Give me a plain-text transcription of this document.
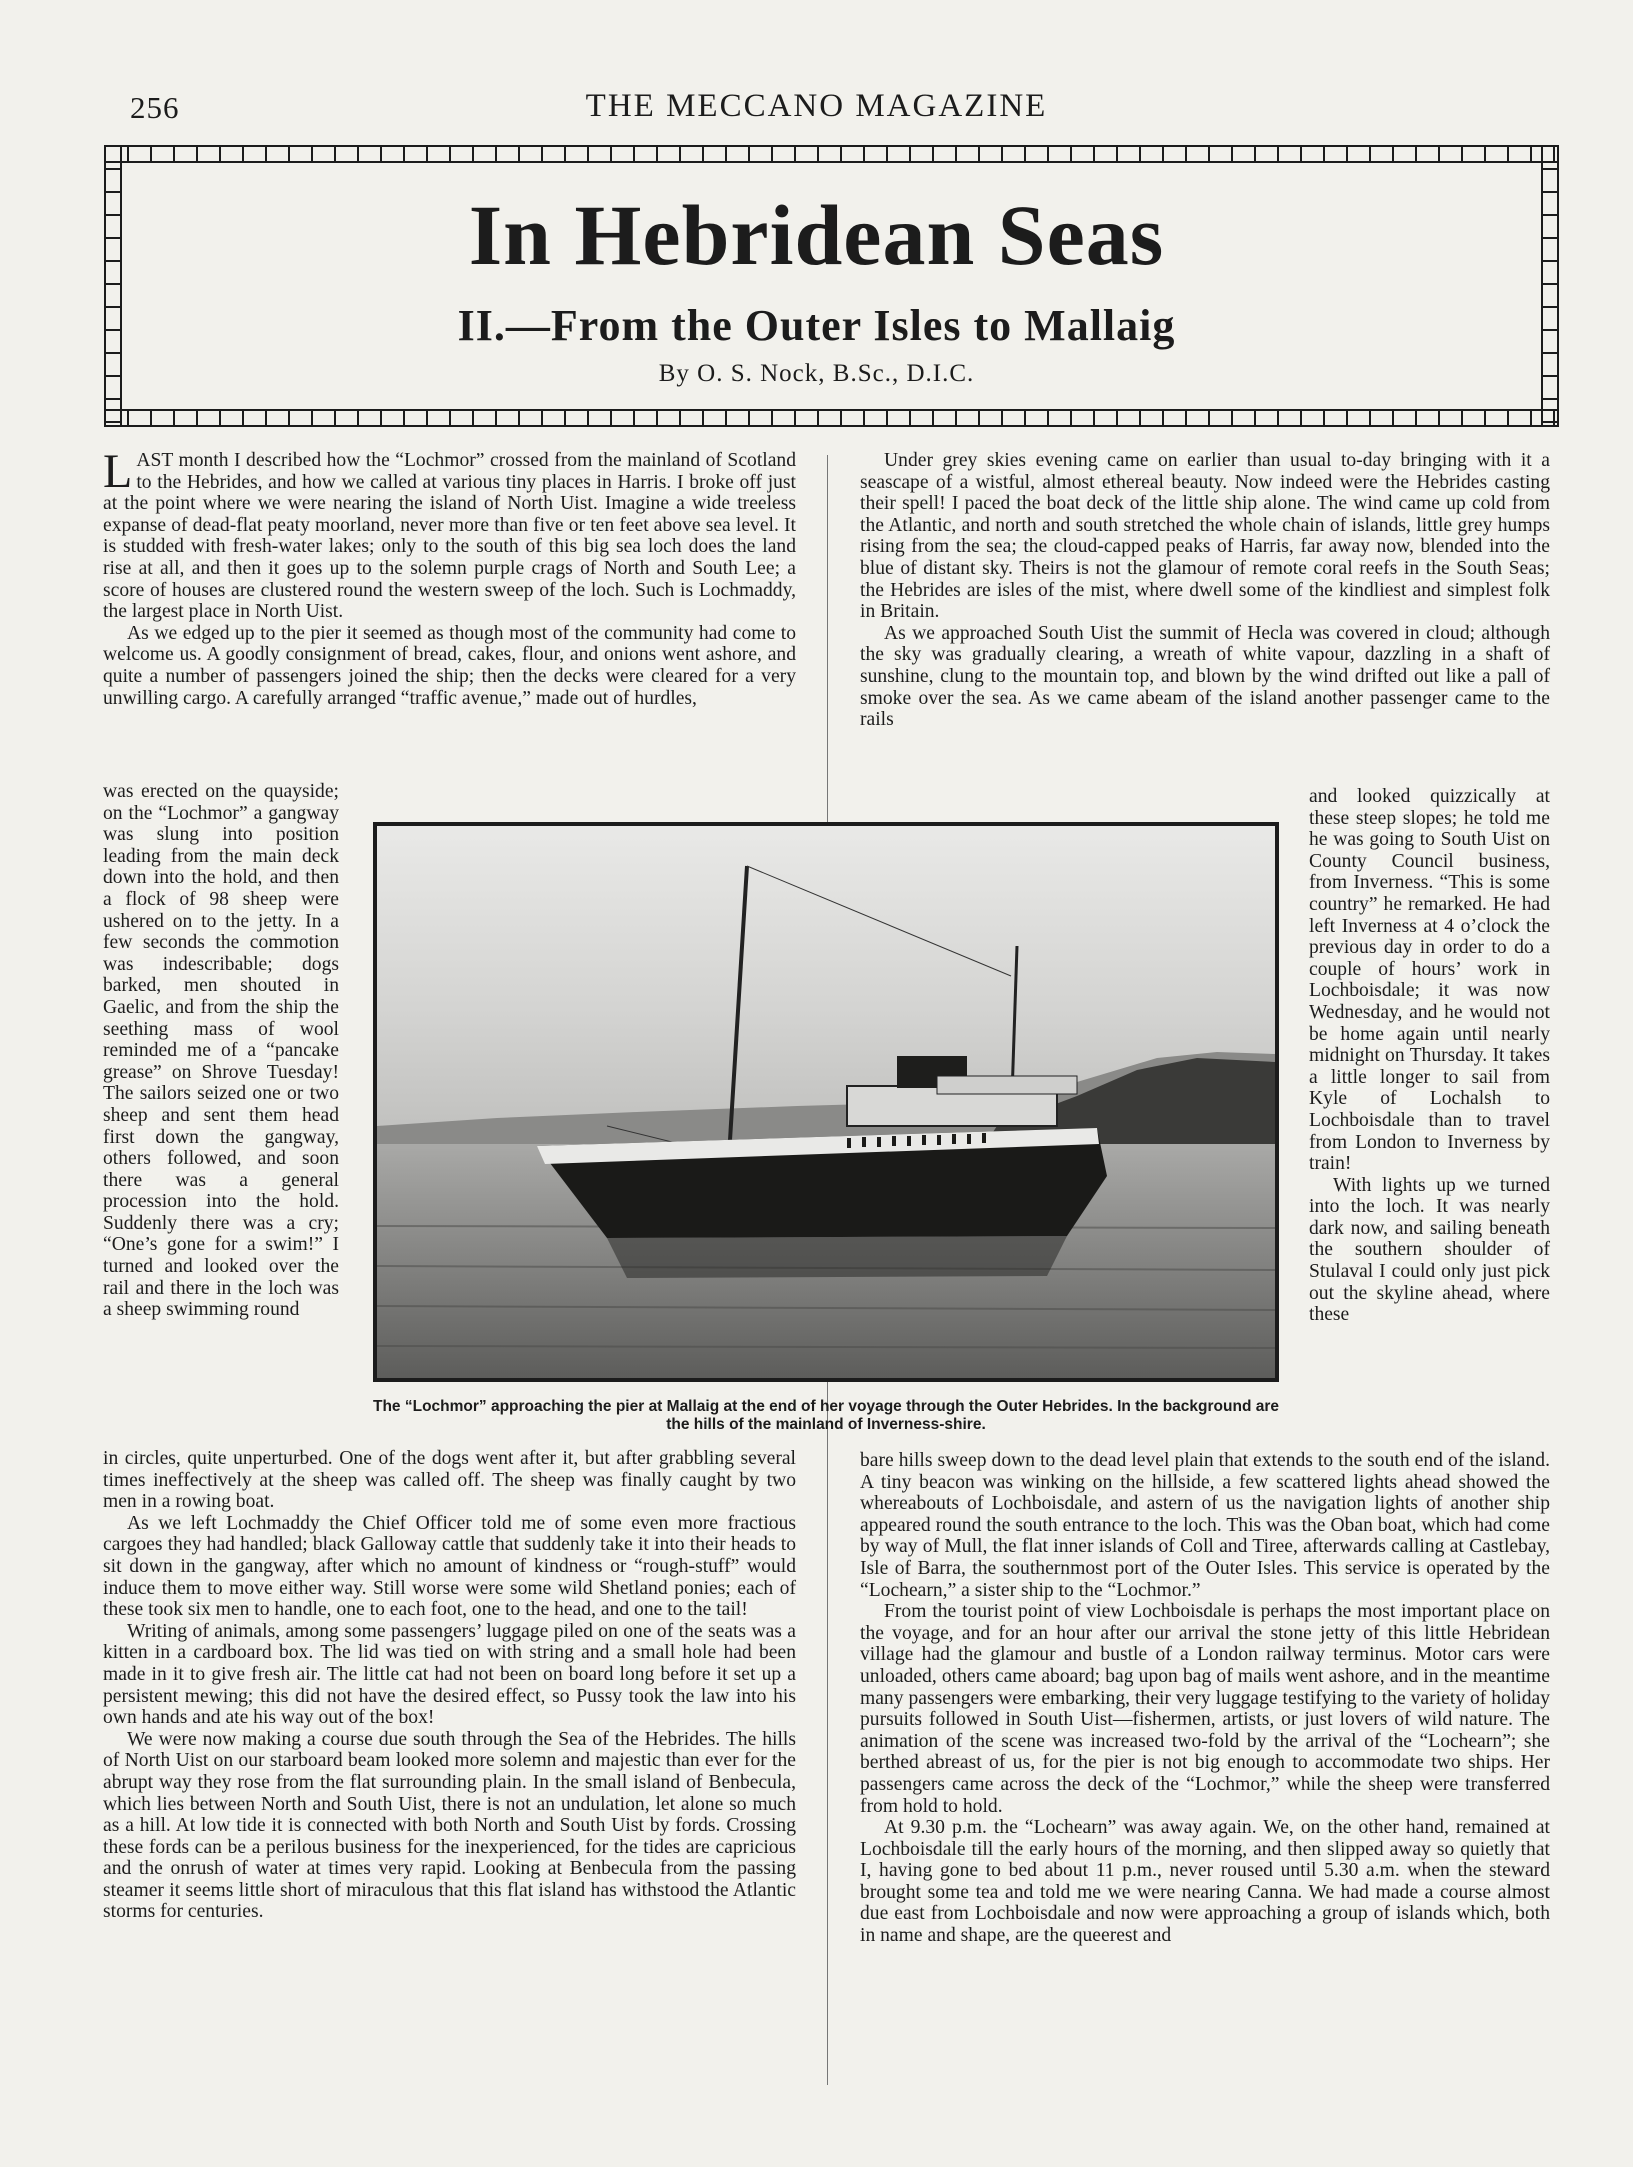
256	THE MECCANO MAGAZINE
In Hebridean Seas
II.—From the Outer Isles to Mallaig
By O. S. Nock, B.Sc., D.I.C.

LAST month I described how the “Lochmor” crossed from the mainland of Scotland to the Hebrides, and how we called at various tiny places in Harris. I broke off just at the point where we were nearing the island of North Uist. Imagine a wide treeless expanse of dead-flat peaty moorland, never more than five or ten feet above sea level. It is studded with fresh-water lakes; only to the south of this big sea loch does the land rise at all, and then it goes up to the solemn purple crags of North and South Lee; a score of houses are clustered round the western sweep of the loch. Such is Lochmaddy, the largest place in North Uist.

As we edged up to the pier it seemed as though most of the community had come to welcome us. A goodly consignment of bread, cakes, flour, and onions went ashore, and quite a number of passengers joined the ship; then the decks were cleared for a very unwilling cargo. A carefully arranged “traffic avenue,” made out of hurdles,

was erected on the quayside; on the “Lochmor” a gangway was slung into position leading from the main deck down into the hold, and then a flock of 98 sheep were ushered on to the jetty. In a few seconds the commotion was indescribable; dogs barked, men shouted in Gaelic, and from the ship the seething mass of wool reminded me of a “pancake grease” on Shrove Tuesday! The sailors seized one or two sheep and sent them head first down the gangway, others followed, and soon there was a general procession into the hold. Suddenly there was a cry; “One’s gone for a swim!” I turned and looked over the rail and there in the loch was a sheep swimming round

in circles, quite unperturbed. One of the dogs went after it, but after grabbling several times ineffectively at the sheep was called off. The sheep was finally caught by two men in a rowing boat.

As we left Lochmaddy the Chief Officer told me of some even more fractious cargoes they had handled; black Galloway cattle that suddenly take it into their heads to sit down in the gangway, after which no amount of kindness or “rough-stuff” would induce them to move either way. Still worse were some wild Shetland ponies; each of these took six men to handle, one to each foot, one to the head, and one to the tail!

Writing of animals, among some passengers’ luggage piled on one of the seats was a kitten in a cardboard box. The lid was tied on with string and a small hole had been made in it to give fresh air. The little cat had not been on board long before it set up a persistent mewing; this did not have the desired effect, so Pussy took the law into his own hands and ate his way out of the box!

We were now making a course due south through the Sea of the Hebrides. The hills of North Uist on our starboard beam looked more solemn and majestic than ever for the abrupt way they rose from the flat surrounding plain. In the small island of Benbecula, which lies between North and South Uist, there is not an undulation, let alone so much as a hill. At low tide it is connected with both North and South Uist by fords. Crossing these fords can be a perilous business for the inexperienced, for the tides are capricious and the onrush of water at times very rapid. Looking at Benbecula from the passing steamer it seems little short of miraculous that this flat island has withstood the Atlantic storms for centuries.

Under grey skies evening came on earlier than usual to-day bringing with it a seascape of a wistful, almost ethereal beauty. Now indeed were the Hebrides casting their spell! I paced the boat deck of the little ship alone. The wind came up cold from the Atlantic, and north and south stretched the whole chain of islands, little grey humps rising from the sea; the cloud-capped peaks of Harris, far away now, blended into the blue of distant sky. Theirs is not the glamour of remote coral reefs in the South Seas; the Hebrides are isles of the mist, where dwell some of the kindliest and simplest folk in Britain.

As we approached South Uist the summit of Hecla was covered in cloud; although the sky was gradually clearing, a wreath of white vapour, dazzling in a shaft of sunshine, clung to the mountain top, and blown by the wind drifted out like a pall of smoke over the sea. As we came abeam of the island another passenger came to the rails

and looked quizzically at these steep slopes; he told me he was going to South Uist on County Council business, from Inverness. “This is some country” he remarked. He had left Inverness at 4 o’clock the previous day in order to do a couple of hours’ work in Lochboisdale; it was now Wednesday, and he would not be home again until nearly midnight on Thursday. It takes a little longer to sail from Kyle of Lochalsh to Lochboisdale than to travel from London to Inverness by train!

With lights up we turned into the loch. It was nearly dark now, and sailing beneath the southern shoulder of Stulaval I could only just pick out the skyline ahead, where these

bare hills sweep down to the dead level plain that extends to the south end of the island. A tiny beacon was winking on the hillside, a few scattered lights ahead showed the whereabouts of Lochboisdale, and astern of us the navigation lights of another ship appeared round the south entrance to the loch. This was the Oban boat, which had come by way of Mull, the flat inner islands of Coll and Tiree, afterwards calling at Castlebay, Isle of Barra, the southernmost port of the Outer Isles. This service is operated by the “Lochearn,” a sister ship to the “Lochmor.”

From the tourist point of view Lochboisdale is perhaps the most important place on the voyage, and for an hour after our arrival the stone jetty of this little Hebridean village had the glamour and bustle of a London railway terminus. Motor cars were unloaded, others came aboard; bag upon bag of mails went ashore, and in the meantime many passengers were embarking, their very luggage testifying to the variety of holiday pursuits followed in South Uist—fishermen, artists, or just lovers of wild nature. The animation of the scene was increased two-fold by the arrival of the “Lochearn”; she berthed abreast of us, for the pier is not big enough to accommodate two ships. Her passengers came across the deck of the “Lochmor,” while the sheep were transferred from hold to hold.

At 9.30 p.m. the “Lochearn” was away again. We, on the other hand, remained at Lochboisdale till the early hours of the morning, and then slipped away so quietly that I, having gone to bed about 11 p.m., never roused until 5.30 a.m. when the steward brought some tea and told me we were nearing Canna. We had made a course almost due east from Lochboisdale and now were approaching a group of islands which, both in name and shape, are the queerest and

The “Lochmor” approaching the pier at Mallaig at the end of her voyage through the Outer Hebrides. In the background are the hills of the mainland of Inverness-shire.
